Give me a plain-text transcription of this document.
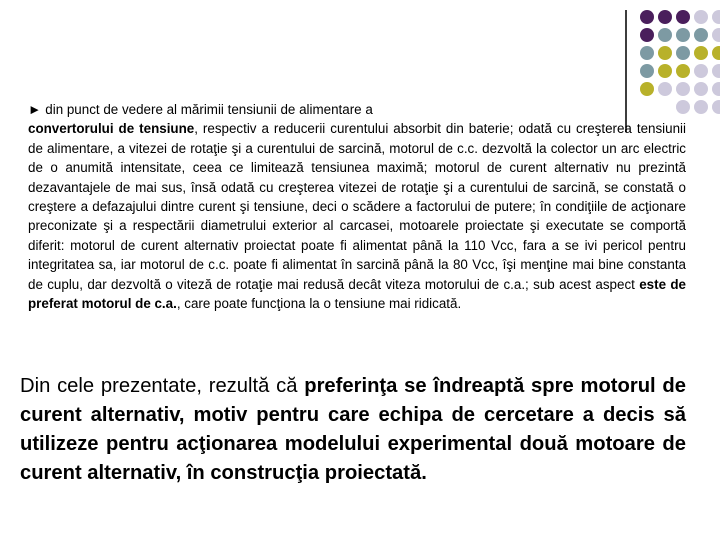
► din punct de vedere al mărimii tensiunii de alimentare a
convertorului de tensiune, respectiv a reducerii curentului absorbit din baterie; odată cu creşterea tensiunii de alimentare, a vitezei de rotaţie şi a curentului de sarcină, motorul de c.c. dezvoltă la colector un arc electric de o anumită intensitate, ceea ce limitează tensiunea maximă; motorul de curent alternativ nu prezintă dezavantajele de mai sus, însă odată cu creşterea vitezei de rotaţie şi a curentului de sarcină, se constată o creştere a defazajului dintre curent şi tensiune, deci o scădere a factorului de putere; în condiţiile de acţionare preconizate şi a respectării diametrului exterior al carcasei, motoarele proiectate şi executate se comportă diferit: motorul de curent alternativ proiectat poate fi alimentat până la 110 Vcc, fara a se ivi pericol pentru integritatea sa, iar motorul de c.c. poate fi alimentat în sarcină până la 80 Vcc, îşi menţine mai bine constanta de cuplu, dar dezvoltă o viteză de rotaţie mai redusă decât viteza motorului de c.a.; sub acest aspect este de preferat motorul de c.a., care poate funcţiona la o tensiune mai ridicată.
Din cele prezentate, rezultă că preferinţa se îndreaptă spre motorul de curent alternativ, motiv pentru care echipa de cercetare a decis să utilizeze pentru acţionarea modelului experimental două motoare de curent alternativ, în construcţia proiectată.
